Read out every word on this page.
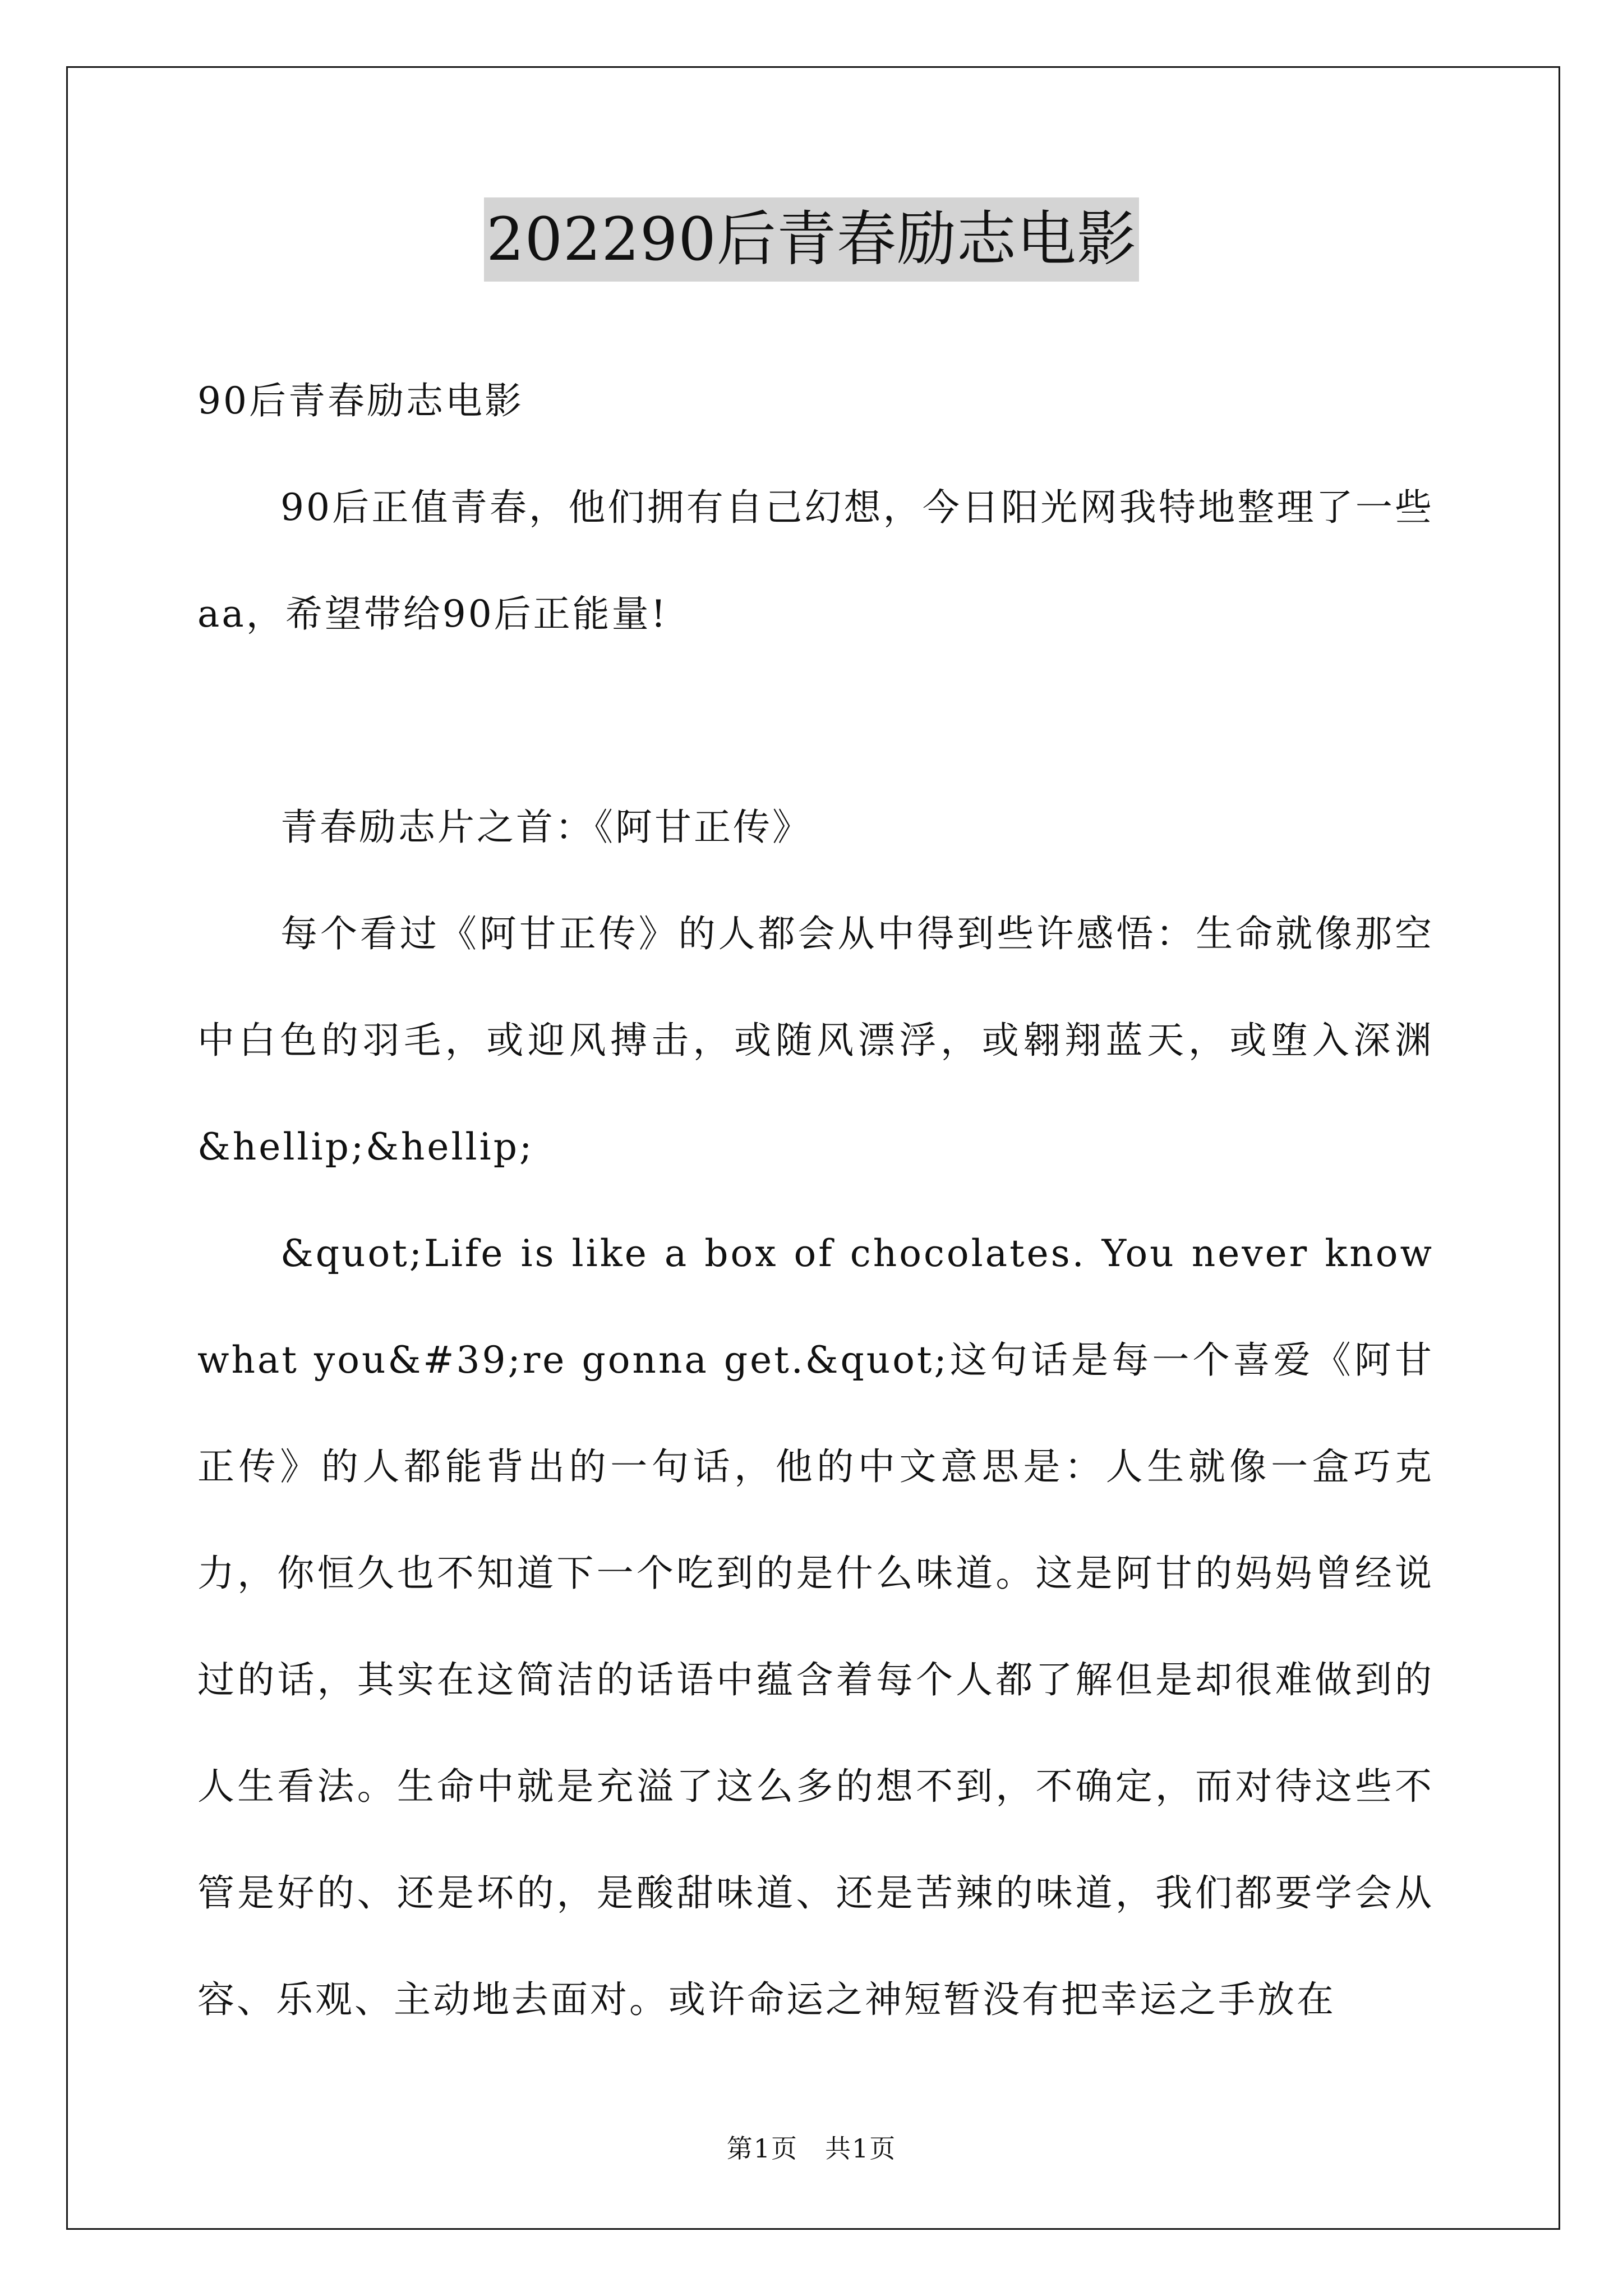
202290后青春励志电影

90后青春励志电影

90后正值青春，他们拥有自己幻想，今日阳光网我特地整理了一些aa，希望带给90后正能量!

青春励志片之首：《阿甘正传》

每个看过《阿甘正传》的人都会从中得到些许感悟：生命就像那空中白色的羽毛，或迎风搏击，或随风漂浮，或翱翔蓝天，或堕入深渊&hellip;&hellip;

&quot;Life is like a box of chocolates. You never know what you&#39;re gonna get.&quot;这句话是每一个喜爱《阿甘正传》的人都能背出的一句话，他的中文意思是：人生就像一盒巧克力，你恒久也不知道下一个吃到的是什么味道。这是阿甘的妈妈曾经说过的话，其实在这简洁的话语中蕴含着每个人都了解但是却很难做到的人生看法。生命中就是充溢了这么多的想不到，不确定，而对待这些不管是好的、还是坏的，是酸甜味道、还是苦辣的味道，我们都要学会从容、乐观、主动地去面对。或许命运之神短暂没有把幸运之手放在

第1页　共1页
